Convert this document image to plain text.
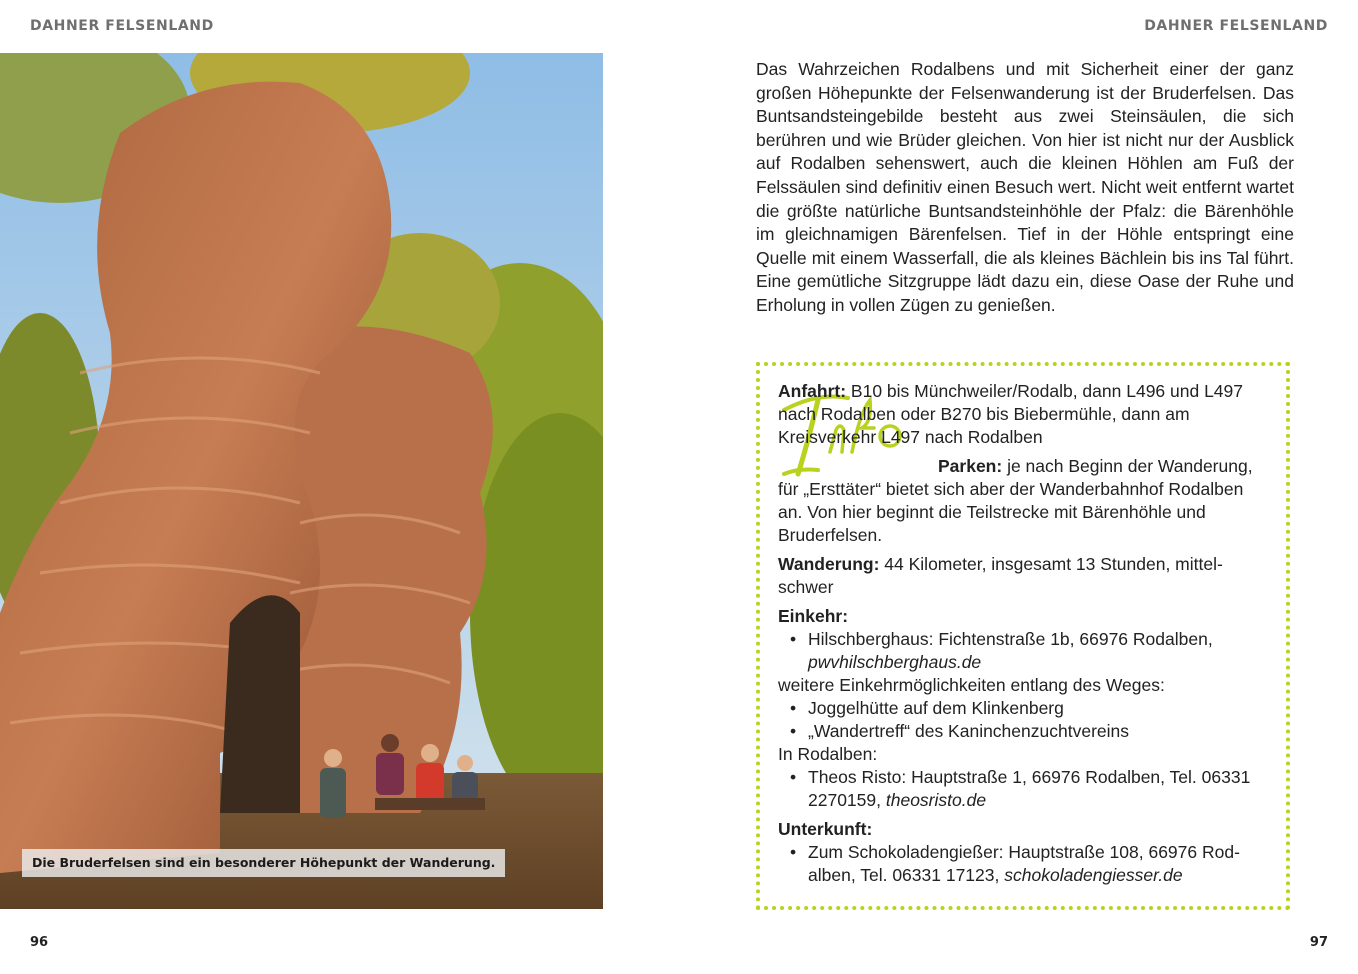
DAHNER FELSENLAND	DAHNER FELSENLAND
Die Bruderfelsen sind ein besonderer Höhepunkt der Wanderung.
Das Wahrzeichen Rodalbens und mit Sicherheit einer der ganz großen Höhepunkte der Felsenwanderung ist der Bruderfelsen. Das Buntsandsteingebilde besteht aus zwei Steinsäulen, die sich berühren und wie Brüder gleichen. Von hier ist nicht nur der Ausblick auf Rodalben sehenswert, auch die kleinen Höhlen am Fuß der Felssäulen sind definitiv einen Besuch wert. Nicht weit entfernt wartet die größte natürliche Buntsandsteinhöhle der Pfalz: die Bärenhöhle im gleichnamigen Bärenfelsen. Tief in der Höhle entspringt eine Quelle mit einem Wasserfall, die als kleines Bächlein bis ins Tal führt. Eine gemütliche Sitzgruppe lädt dazu ein, diese Oase der Ruhe und Erholung in vollen Zügen zu genießen.
Anfahrt: B10 bis Münchweiler/Rodalb, dann L496 und L497 nach Rodalben oder B270 bis Biebermühle, dann am Kreisverkehr L497 nach Rodalben
Parken: je nach Beginn der Wanderung, für „Ersttäter“ bietet sich aber der Wanderbahnhof Rodalben an. Von hier beginnt die Teilstrecke mit Bärenhöhle und Bruderfelsen.
Wanderung: 44 Kilometer, insgesamt 13 Stunden, mittelschwer
Einkehr:
• Hilschberghaus: Fichtenstraße 1b, 66976 Rodalben,
pwvhilschberghaus.de
weitere Einkehrmöglichkeiten entlang des Weges:
• Joggelhütte auf dem Klinkenberg
• „Wandertreff“ des Kaninchenzuchtvereins
In Rodalben:
• Theos Risto: Hauptstraße 1, 66976 Rodalben, Tel. 06331 2270159, theosristo.de
Unterkunft:
• Zum Schokoladengießer: Hauptstraße 108, 66976 Rodalben, Tel. 06331 17123, schokoladengiesser.de
96	97
